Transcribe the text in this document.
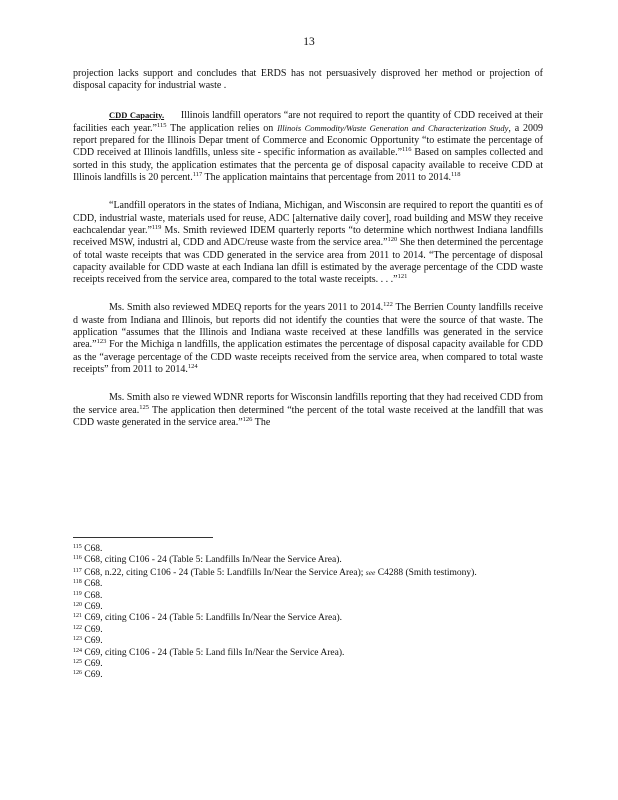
13

projection lacks support and concludes that ERDS has not persuasively disproved her method or projection of disposal capacity for industrial waste .

CDD Capacity. Illinois landfill operators “are not required to report the quantity of CDD received at their facilities each year.”$^{115}$ The application relies on Illinois Commodity/Waste Generation and Characterization Study, a 2009 report prepared for the Illinois Depar tment of Commerce and Economic Opportunity “to estimate the percentage of CDD received at Illinois landfills, unless site - specific information as available.”$^{116}$ Based on samples collected and sorted in this study, the application estimates that the percenta ge of disposal capacity available to receive CDD at Illinois landfills is 20 percent.$^{117}$ The application maintains that percentage from 2011 to 2014.$^{118}$

“Landfill operators in the states of Indiana, Michigan, and Wisconsin are required to report the quantiti es of CDD, industrial waste, materials used for reuse, ADC [alternative daily cover], road building and MSW they receive eachcalendar year.”$^{119}$ Ms. Smith reviewed IDEM quarterly reports “to determine which northwest Indiana landfills received MSW, industri al, CDD and ADC/reuse waste from the service area.”$^{120}$ She then determined the percentage of total waste receipts that was CDD generated in the service area from 2011 to 2014. “The percentage of disposal capacity available for CDD waste at each Indiana lan dfill is estimated by the average percentage of the CDD waste receipts received from the service area, compared to the total waste receipts. . . .”$^{121}$

Ms. Smith also reviewed MDEQ reports for the years 2011 to 2014.$^{122}$ The Berrien County landfills receive d waste from Indiana and Illinois, but reports did not identify the counties that were the source of that waste. The application “assumes that the Illinois and Indiana waste received at these landfills was generated in the service area.”$^{123}$ For the Michiga n landfills, the application estimates the percentage of disposal capacity available for CDD as the “average percentage of the CDD waste receipts received from the service area, when compared to total waste receipts” from 2011 to 2014.$^{124}$

Ms. Smith also re viewed WDNR reports for Wisconsin landfills reporting that they had received CDD from the service area.$^{125}$ The application then determined “the percent of the total waste received at the landfill that was CDD waste generated in the service area.”$^{126}$ The

$^{115}$ C68.

$^{116}$ C68, citing C106 - 24 (Table 5: Landfills In/Near the Service Area).

$^{117}$ C68, n.22, citing C106 - 24 (Table 5: Landfills In/Near the Service Area); see C4288 (Smith testimony).

$^{118}$ C68.

$^{119}$ C68.

$^{120}$ C69.

$^{121}$ C69, citing C106 - 24 (Table 5: Landfills In/Near the Service Area).

$^{122}$ C69.

$^{123}$ C69.

$^{124}$ C69, citing C106 - 24 (Table 5: Land fills In/Near the Service Area).

$^{125}$ C69.

$^{126}$ C69.
